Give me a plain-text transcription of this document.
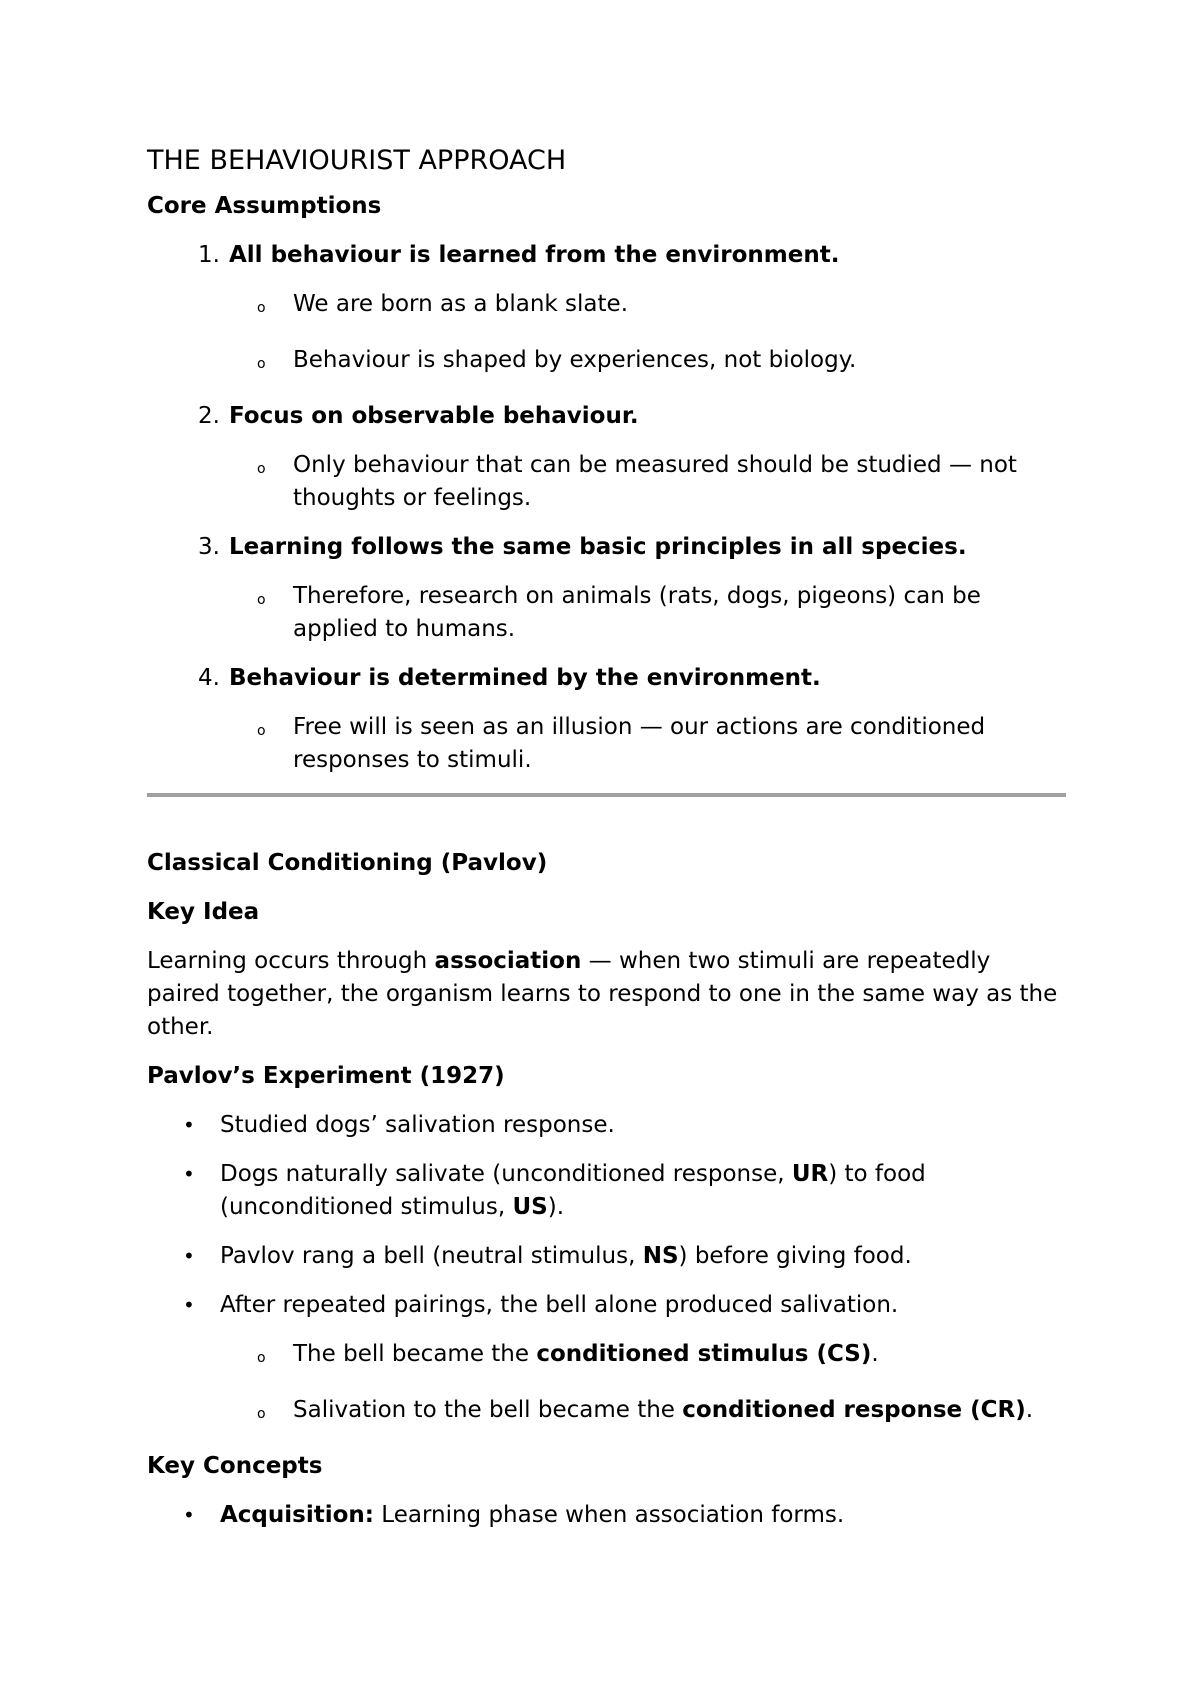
THE BEHAVIOURIST APPROACH
Core Assumptions
1. All behaviour is learned from the environment.
o	We are born as a blank slate.
o	Behaviour is shaped by experiences, not biology.
2. Focus on observable behaviour.
o	Only behaviour that can be measured should be studied — not thoughts or feelings.
3. Learning follows the same basic principles in all species.
o	Therefore, research on animals (rats, dogs, pigeons) can be applied to humans.
4. Behaviour is determined by the environment.
o	Free will is seen as an illusion — our actions are conditioned responses to stimuli.
Classical Conditioning (Pavlov)
Key Idea
Learning occurs through association — when two stimuli are repeatedly paired together, the organism learns to respond to one in the same way as the other.
Pavlov’s Experiment (1927)
•	Studied dogs’ salivation response.
•	Dogs naturally salivate (unconditioned response, UR) to food (unconditioned stimulus, US).
•	Pavlov rang a bell (neutral stimulus, NS) before giving food.
•	After repeated pairings, the bell alone produced salivation.
o	The bell became the conditioned stimulus (CS).
o	Salivation to the bell became the conditioned response (CR).
Key Concepts
•	Acquisition: Learning phase when association forms.
